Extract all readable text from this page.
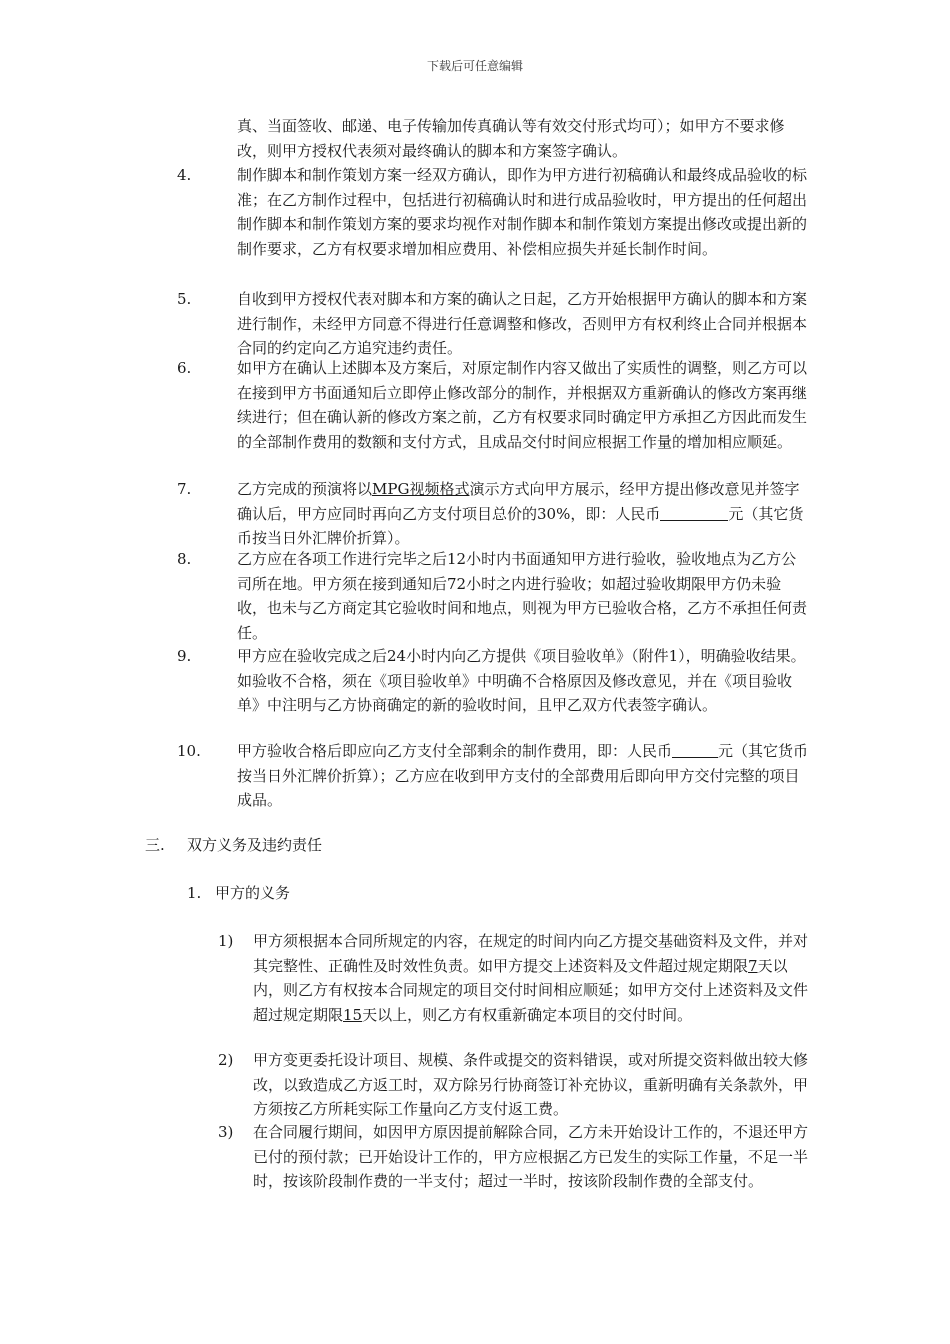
下载后可任意编辑
真、当面签收、邮递、电子传输加传真确认等有效交付形式均可）；如甲方不要求修改，则甲方授权代表须对最终确认的脚本和方案签字确认。
4.	制作脚本和制作策划方案一经双方确认，即作为甲方进行初稿确认和最终成品验收的标准；在乙方制作过程中，包括进行初稿确认时和进行成品验收时，甲方提出的任何超出制作脚本和制作策划方案的要求均视作对制作脚本和制作策划方案提出修改或提出新的制作要求，乙方有权要求增加相应费用、补偿相应损失并延长制作时间。
5.	自收到甲方授权代表对脚本和方案的确认之日起，乙方开始根据甲方确认的脚本和方案进行制作，未经甲方同意不得进行任意调整和修改，否则甲方有权利终止合同并根据本合同的约定向乙方追究违约责任。
6.	如甲方在确认上述脚本及方案后，对原定制作内容又做出了实质性的调整，则乙方可以在接到甲方书面通知后立即停止修改部分的制作，并根据双方重新确认的修改方案再继续进行；但在确认新的修改方案之前，乙方有权要求同时确定甲方承担乙方因此而发生的全部制作费用的数额和支付方式，且成品交付时间应根据工作量的增加相应顺延。
7.	乙方完成的预演将以MPG视频格式演示方式向甲方展示，经甲方提出修改意见并签字确认后，甲方应同时再向乙方支付项目总价的30%，即：人民币	元（其它货币按当日外汇牌价折算）。
8.	乙方应在各项工作进行完毕之后12小时内书面通知甲方进行验收，验收地点为乙方公司所在地。甲方须在接到通知后72小时之内进行验收；如超过验收期限甲方仍未验收，也未与乙方商定其它验收时间和地点，则视为甲方已验收合格，乙方不承担任何责任。
9.	甲方应在验收完成之后24小时内向乙方提供《项目验收单》（附件1），明确验收结果。如验收不合格，须在《项目验收单》中明确不合格原因及修改意见，并在《项目验收单》中注明与乙方协商确定的新的验收时间，且甲乙双方代表签字确认。
10. 甲方验收合格后即应向乙方支付全部剩余的制作费用，即：人民币	元（其它货币按当日外汇牌价折算）；乙方应在收到甲方支付的全部费用后即向甲方交付完整的项目成品。
三. 双方义务及违约责任
1. 甲方的义务
1) 甲方须根据本合同所规定的内容，在规定的时间内向乙方提交基础资料及文件，并对其完整性、正确性及时效性负责。如甲方提交上述资料及文件超过规定期限7天以内，则乙方有权按本合同规定的项目交付时间相应顺延；如甲方交付上述资料及文件超过规定期限15天以上，则乙方有权重新确定本项目的交付时间。
2) 甲方变更委托设计项目、规模、条件或提交的资料错误，或对所提交资料做出较大修改，以致造成乙方返工时，双方除另行协商签订补充协议，重新明确有关条款外，甲方须按乙方所耗实际工作量向乙方支付返工费。
3) 在合同履行期间，如因甲方原因提前解除合同，乙方未开始设计工作的，不退还甲方已付的预付款；已开始设计工作的，甲方应根据乙方已发生的实际工作量，不足一半时，按该阶段制作费的一半支付；超过一半时，按该阶段制作费的全部支付。
